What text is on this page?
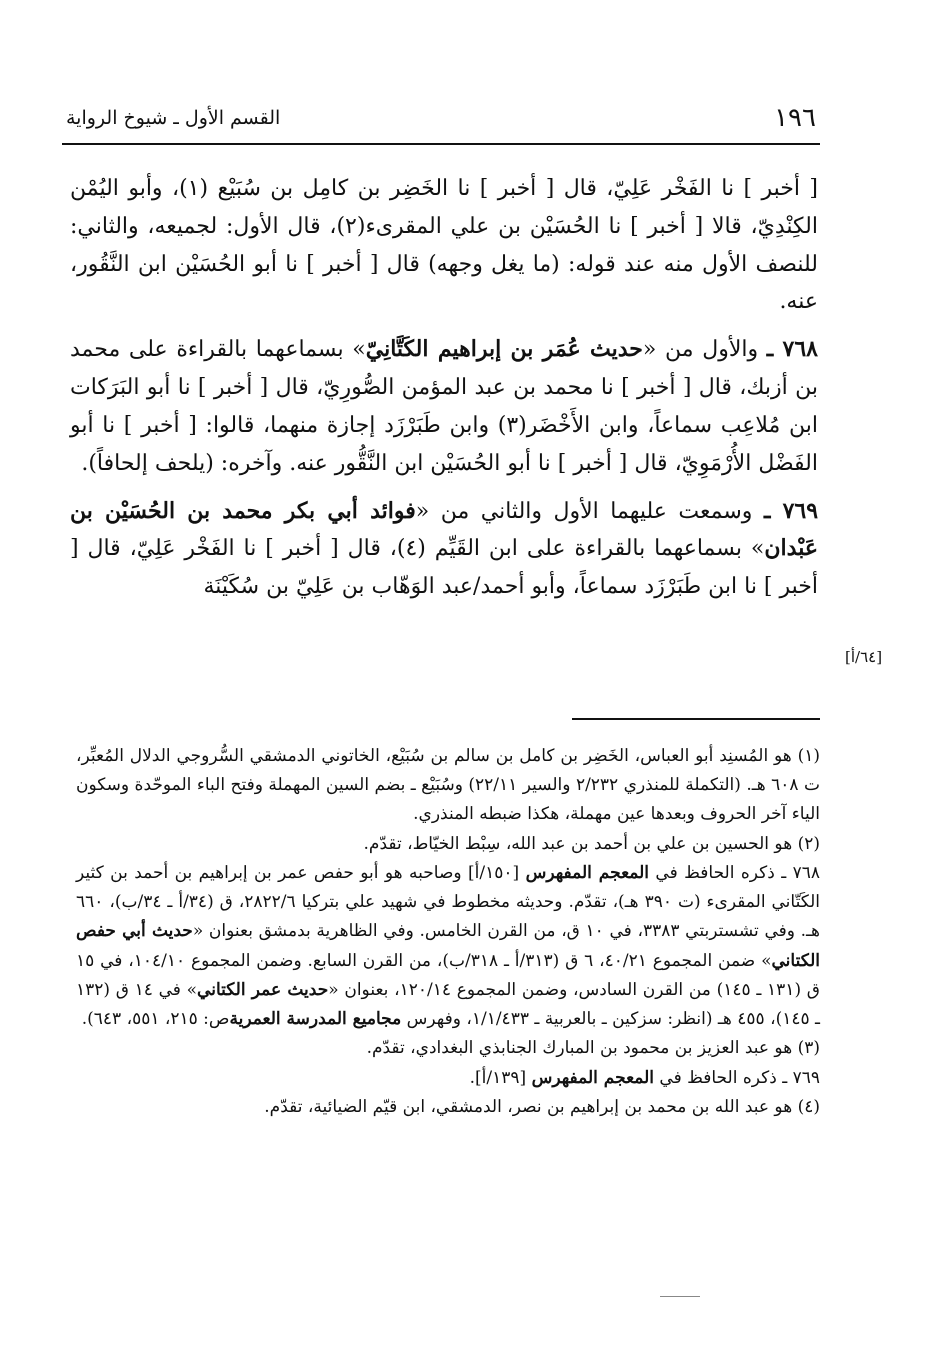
١٩٦
القسم الأول ـ شيوخ الرواية

[ أخبر ] نا الفَخْر عَلِيّ، قال [ أخبر ] نا الخَضِر بن كامِل بن سُبَيْع (١)، وأبو اليُمْن الكِنْدِيّ، قالا [ أخبر ] نا الحُسَيْن بن علي المقرىء(٢)، قال الأول: لجميعه، والثاني: للنصف الأول منه عند قوله: (ما يغل وجهه) قال [ أخبر ] نا أبو الحُسَيْن ابن النَّقُور، عنه.

٧٦٨ ـ والأول من «حديث عُمَر بن إبراهيم الكَتَّانِيّ» بسماعهما بالقراءة على محمد بن أزبك، قال [ أخبر ] نا محمد بن عبد المؤمن الصُّورِيّ، قال [ أخبر ] نا أبو البَرَكات ابن مُلاعِب سماعاً، وابن الأَخْضَر(٣) وابن طَبَرْزَد إجازة منهما، قالوا: [ أخبر ] نا أبو الفَضْل الأُرْمَوِيّ، قال [ أخبر ] نا أبو الحُسَيْن ابن النَّقُّور عنه. وآخره: (يلحف إلحافاً).

٧٦٩ ـ وسمعت عليهما الأول والثاني من «فوائد أبي بكر محمد بن الحُسَيْن بن عَبْدان» بسماعهما بالقراءة على ابن القَيِّم (٤)، قال [ أخبر ] نا الفَخْر عَلِيّ، قال [ أخبر ] نا ابن طَبَرْزَد سماعاً، وأبو أحمد/عبد الوَهّاب بن عَلِيّ بن سُكَيْنَة

[٦٤/أ]

(١) هو المُسنِد أبو العباس، الخَضِر بن كامل بن سالم بن سُبَيْع، الخاتوني الدمشقي السُّروجي الدلال المُعبِّر، ت ٦٠٨ هـ. (التكملة للمنذري ٢/٢٣٢ والسير ٢٢/١١) وسُبَيْع ـ بضم السين المهملة وفتح الباء الموحّدة وسكون الياء آخر الحروف وبعدها عين مهملة، هكذا ضبطه المنذري.

(٢) هو الحسين بن علي بن أحمد بن عبد الله، سِبْط الخيّاط، تقدّم.

٧٦٨ ـ ذكره الحافظ في المعجم المفهرس [١٥٠/أ] وصاحبه هو أبو حفص عمر بن إبراهيم بن أحمد بن كثير الكَتّاني المقرىء (ت ٣٩٠ هـ)، تقدّم. وحديثه مخطوط في شهيد علي بتركيا ٢٨٢٢/٦، ق (٣٤/أ ـ ٣٤/ب)، ٦٦٠ هـ. وفي تشستربتي ٣٣٨٣، في ١٠ ق، من القرن الخامس. وفي الظاهرية بدمشق بعنوان «حديث أبي حفص الكتاني» ضمن المجموع ٤٠/٢١، ٦ ق (٣١٣/أ ـ ٣١٨/ب)، من القرن السابع. وضمن المجموع ١٠٤/١٠، في ١٥ ق (١٣١ ـ ١٤٥) من القرن السادس، وضمن المجموع ١٢٠/١٤، بعنوان «حديث عمر الكتاني» في ١٤ ق (١٣٢ ـ ١٤٥)، ٤٥٥ هـ (انظر: سزكين ـ بالعربية ـ ١/١/٤٣٣، وفهرس مجاميع المدرسة العمريةص: ٢١٥، ٥٥١، ٦٤٣).

(٣) هو عبد العزيز بن محمود بن المبارك الجنابذي البغدادي، تقدّم.

٧٦٩ ـ ذكره الحافظ في المعجم المفهرس [١٣٩/أ].

(٤) هو عبد الله بن محمد بن إبراهيم بن نصر، الدمشقي، ابن قيّم الضيائية، تقدّم.
